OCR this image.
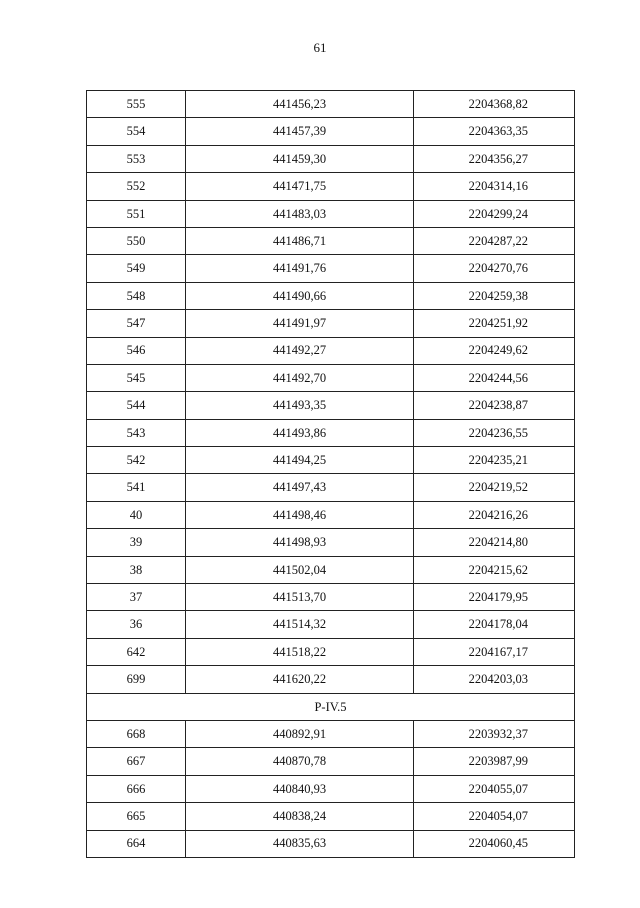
61
555	441456,23	2204368,82
554	441457,39	2204363,35
553	441459,30	2204356,27
552	441471,75	2204314,16
551	441483,03	2204299,24
550	441486,71	2204287,22
549	441491,76	2204270,76
548	441490,66	2204259,38
547	441491,97	2204251,92
546	441492,27	2204249,62
545	441492,70	2204244,56
544	441493,35	2204238,87
543	441493,86	2204236,55
542	441494,25	2204235,21
541	441497,43	2204219,52
40	441498,46	2204216,26
39	441498,93	2204214,80
38	441502,04	2204215,62
37	441513,70	2204179,95
36	441514,32	2204178,04
642	441518,22	2204167,17
699	441620,22	2204203,03
P-IV.5		
668	440892,91	2203932,37
667	440870,78	2203987,99
666	440840,93	2204055,07
665	440838,24	2204054,07
664	440835,63	2204060,45
